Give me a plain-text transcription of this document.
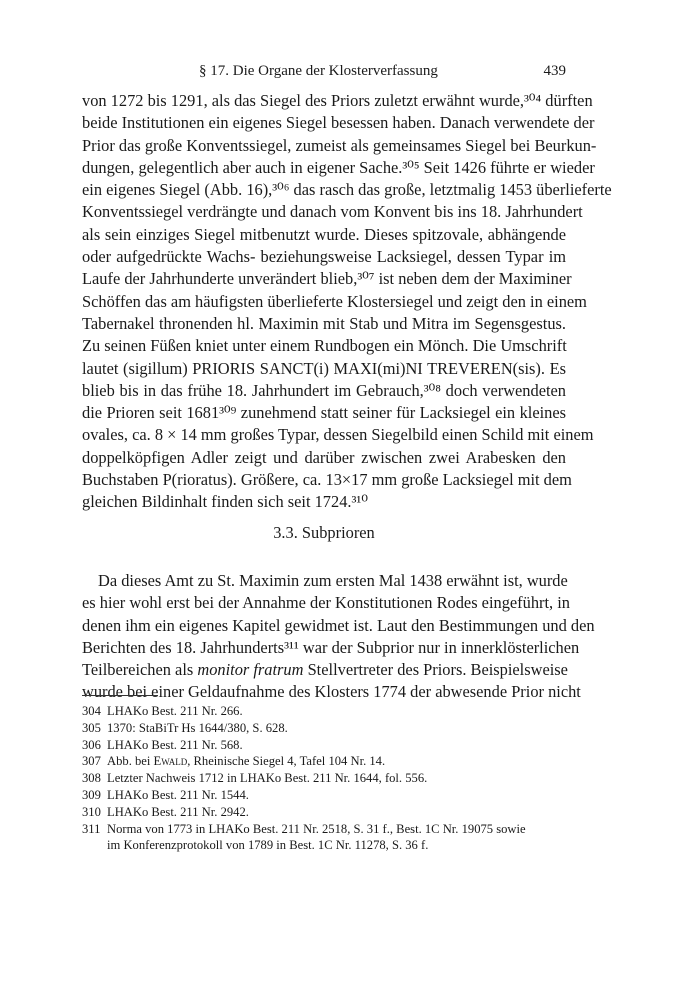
§ 17. Die Organe der Klosterverfassung	439
von 1272 bis 1291, als das Siegel des Priors zuletzt erwähnt wurde,³⁰⁴ dürften
beide Institutionen ein eigenes Siegel besessen haben. Danach verwendete der
Prior das große Konventssiegel, zumeist als gemeinsames Siegel bei Beurkun-
dungen, gelegentlich aber auch in eigener Sache.³⁰⁵ Seit 1426 führte er wieder
ein eigenes Siegel (Abb. 16),³⁰⁶ das rasch das große, letztmalig 1453 überlieferte
Konventssiegel verdrängte und danach vom Konvent bis ins 18. Jahrhundert
als sein einziges Siegel mitbenutzt wurde. Dieses spitzovale, abhängende
oder aufgedrückte Wachs- beziehungsweise Lacksiegel, dessen Typar im
Laufe der Jahrhunderte unverändert blieb,³⁰⁷ ist neben dem der Maximiner
Schöffen das am häufigsten überlieferte Klostersiegel und zeigt den in einem
Tabernakel thronenden hl. Maximin mit Stab und Mitra im Segensgestus.
Zu seinen Füßen kniet unter einem Rundbogen ein Mönch. Die Umschrift
lautet (sigillum) PRIORIS SANCT(i) MAXI(mi)NI TREVEREN(sis). Es
blieb bis in das frühe 18. Jahrhundert im Gebrauch,³⁰⁸ doch verwendeten
die Prioren seit 1681³⁰⁹ zunehmend statt seiner für Lacksiegel ein kleines
ovales, ca. 8 × 14 mm großes Typar, dessen Siegelbild einen Schild mit einem
doppelköpfigen Adler zeigt und darüber zwischen zwei Arabesken den
Buchstaben P(rioratus). Größere, ca. 13×17 mm große Lacksiegel mit dem
gleichen Bildinhalt finden sich seit 1724.³¹⁰
3.3. Subprioren
Da dieses Amt zu St. Maximin zum ersten Mal 1438 erwähnt ist, wurde
es hier wohl erst bei der Annahme der Konstitutionen Rodes eingeführt, in
denen ihm ein eigenes Kapitel gewidmet ist. Laut den Bestimmungen und den
Berichten des 18. Jahrhunderts³¹¹ war der Subprior nur in innerklösterlichen
Teilbereichen als monitor fratrum Stellvertreter des Priors. Beispielsweise
wurde bei einer Geldaufnahme des Klosters 1774 der abwesende Prior nicht
304 LHAKo Best. 211 Nr. 266.
305 1370: StaBiTr Hs 1644/380, S. 628.
306 LHAKo Best. 211 Nr. 568.
307 Abb. bei Ewald, Rheinische Siegel 4, Tafel 104 Nr. 14.
308 Letzter Nachweis 1712 in LHAKo Best. 211 Nr. 1644, fol. 556.
309 LHAKo Best. 211 Nr. 1544.
310 LHAKo Best. 211 Nr. 2942.
311 Norma von 1773 in LHAKo Best. 211 Nr. 2518, S. 31 f., Best. 1C Nr. 19075 sowie
im Konferenzprotokoll von 1789 in Best. 1C Nr. 11278, S. 36 f.
